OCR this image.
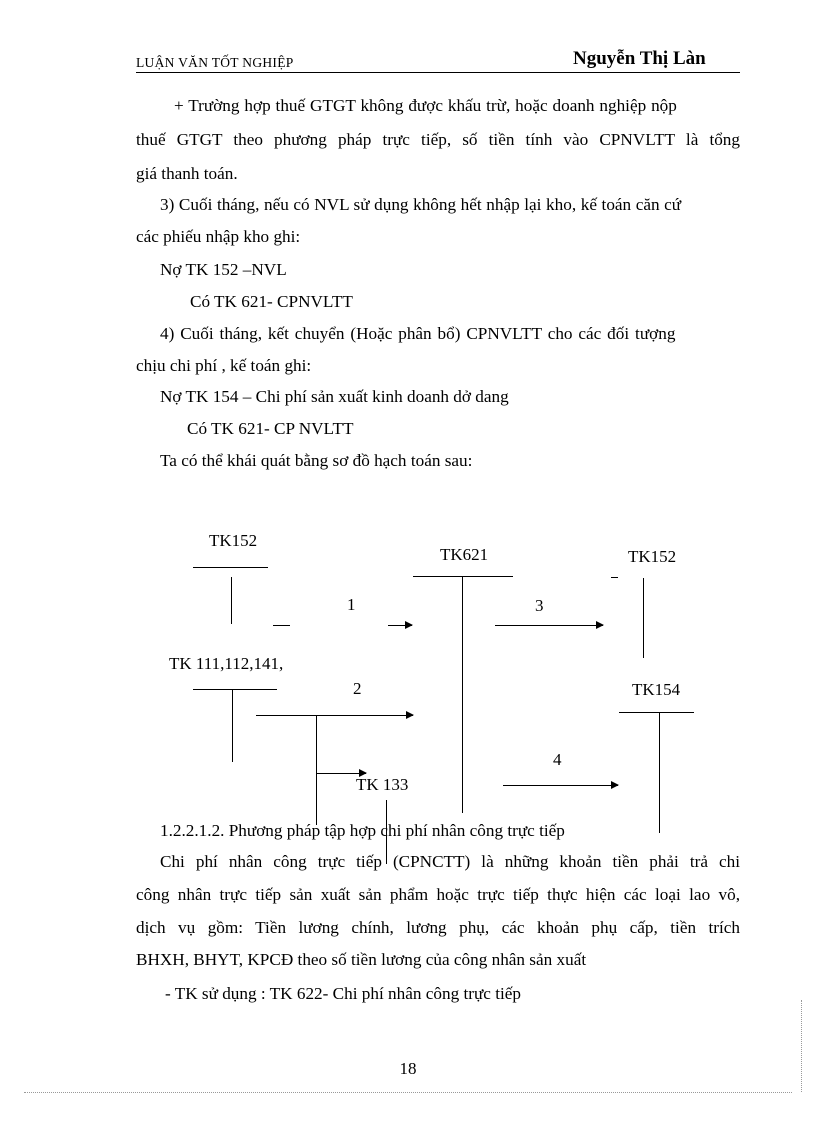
LUẬN VĂN TỐT NGHIỆP	Nguyễn Thị Làn
+ Trường hợp thuế GTGT không được khấu trừ, hoặc doanh nghiệp nộp
thuế GTGT theo phương pháp trực tiếp, số tiền tính vào CPNVLTT là tổng
giá thanh toán.
3) Cuối tháng, nếu có NVL sử dụng không hết nhập lại kho, kế toán căn cứ
các phiếu nhập kho ghi:
Nợ TK 152 –NVL
Có TK 621- CPNVLTT
4) Cuối tháng, kết chuyển (Hoặc phân bổ) CPNVLTT cho các đối tượng
chịu chi phí , kế toán ghi:
Nợ TK 154 – Chi phí sản xuất kinh doanh dở dang
Có TK 621- CP NVLTT
Ta có thể khái quát bằng sơ đồ hạch toán sau:
TK152
TK621	TK152
TK 111,112,141,
TK154
TK 133
1	3
2
4
1.2.2.1.2. Phương pháp tập hợp chi phí nhân công trực tiếp
Chi phí nhân công trực tiếp (CPNCTT) là những khoản tiền phải trả chi
công nhân trực tiếp sản xuất sản phẩm hoặc trực tiếp thực hiện các loại lao vô,
dịch vụ gồm: Tiền lương chính, lương phụ, các khoản phụ cấp, tiền trích
BHXH, BHYT, KPCĐ theo số tiền lương của công nhân sản xuất
- TK sử dụng : TK 622- Chi phí nhân công trực tiếp
18
